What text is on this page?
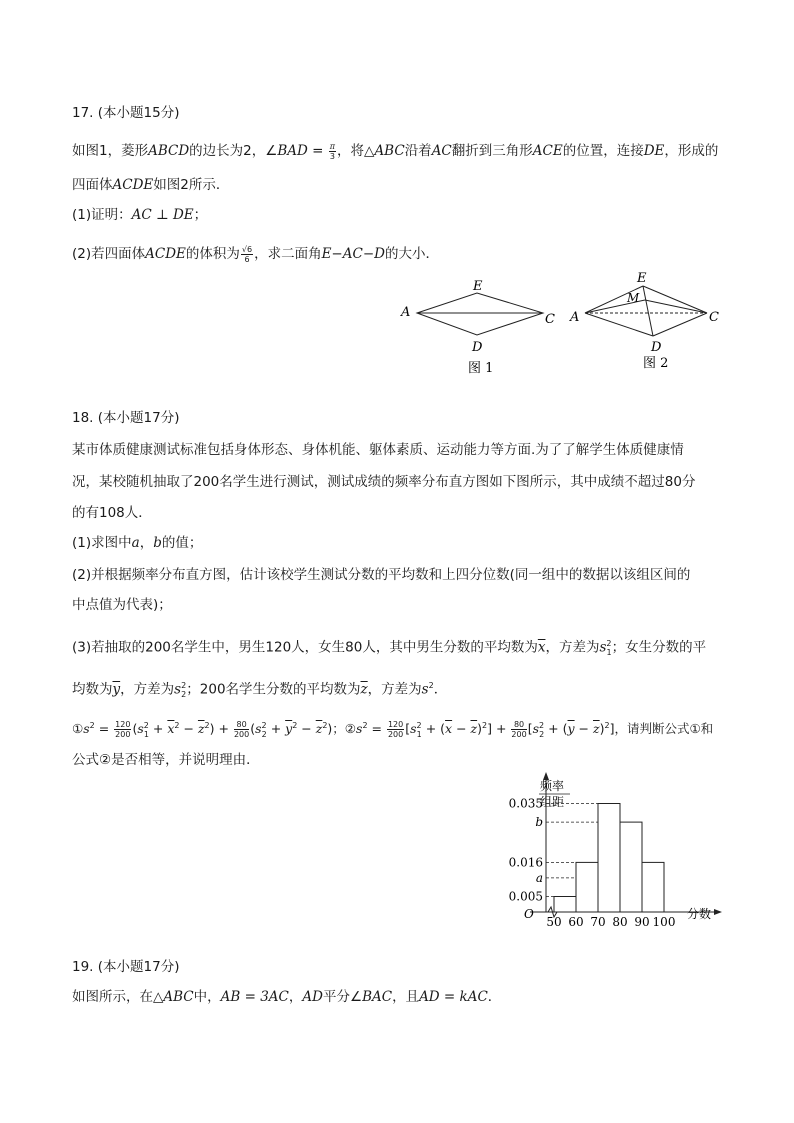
17. (本小题15分)
如图1，菱形ABCD的边长为2，∠BAD = $\frac{\pi}{3}$ ，将△ABC沿着AC翻折到三角形ACE的位置，连接DE，形成的
四面体ACDE如图2所示．
(1)证明：AC ⊥ DE；
(2)若四面体ACDE的体积为 $\frac{√6}{6}$ ，求二面角E−AC−D的大小．
A	C
E
D
图 1
E
M
A	C
D
图 2
18. (本小题17分)
某市体质健康测试标准包括身体形态、身体机能、躯体素质、运动能力等方面.为了了解学生体质健康情
况，某校随机抽取了200名学生进行测试，测试成绩的频率分布直方图如下图所示，其中成绩不超过80分
的有108人．
(1)求图中a，b的值；
(2)并根据频率分布直方图，估计该校学生测试分数的平均数和上四分位数(同一组中的数据以该组区间的
中点值为代表)；
(3)若抽取的200名学生中，男生120人，女生80人，其中男生分数的平均数为$\overline{x}$，方差为$s^2_1$；女生分数的平
均数为$\overline{y}$，方差为$s^2_2$；200名学生分数的平均数为$\overline{z}$，方差为$s^2$．
$①s^2 = \frac{120}{200} (s^2_1 + \overline{x}^2 - \overline{z}^2) + \frac{80}{200} (s^2_2 + \overline{y}^2 - \overline{z}^2)$；$②s^2 = \frac{120}{200} [s^2_1 + (\overline{x} - \overline{z})^2] + \frac{80}{200} [s^2_2 + (\overline{y} - \overline{z})^2]$，请判断公式①和
公式②是否相等，并说明理由．
频率
组距
O	分数
0.035
b
0.016
a
0.005
50 60 70 80 90 100
19. (本小题17分)
如图所示，在△ABC中，AB = 3AC，AD平分∠BAC，且AD = kAC．
